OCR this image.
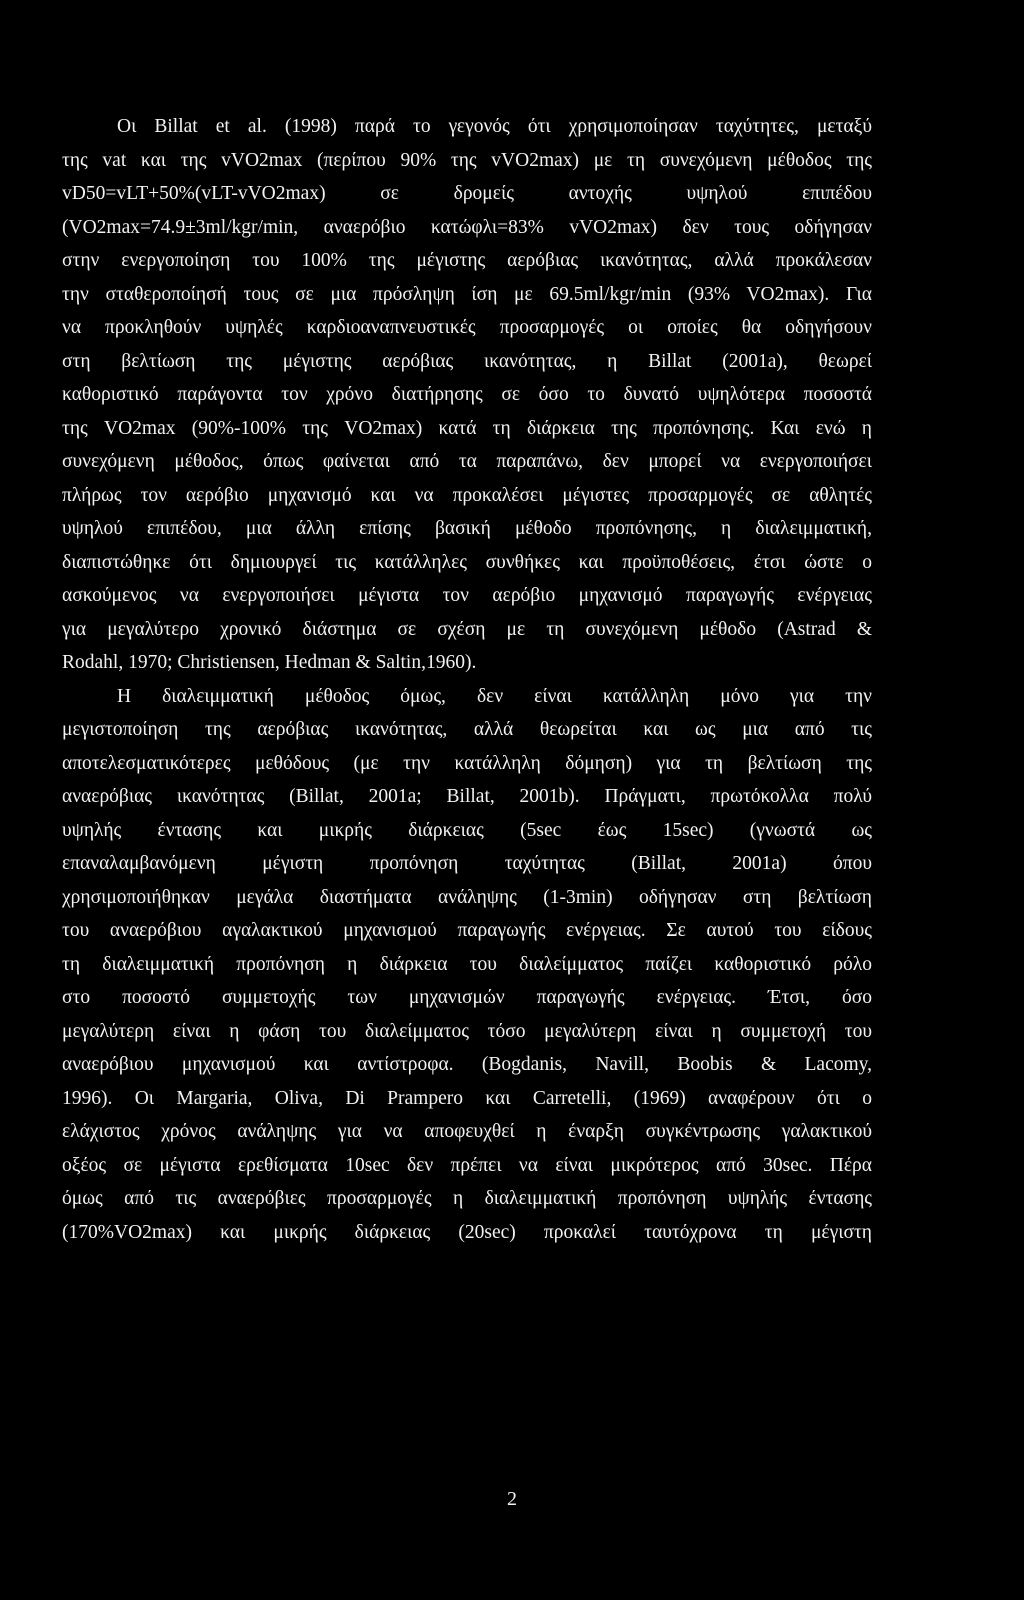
Οι Billat et al. (1998) παρά το γεγονός ότι χρησιμοποίησαν ταχύτητες, μεταξύ
της vat και της vVO2max (περίπου 90% της vVO2max) με τη συνεχόμενη μέθοδος της
vD50=vLT+50%(vLT-vVO2max) σε δρομείς αντοχής υψηλού επιπέδου
(VO2max=74.9±3ml/kgr/min, αναερόβιο κατώφλι=83% vVO2max) δεν τους οδήγησαν
στην ενεργοποίηση του 100% της μέγιστης αερόβιας ικανότητας, αλλά προκάλεσαν
την σταθεροποίησή τους σε μια πρόσληψη ίση με 69.5ml/kgr/min (93% VO2max). Για
να προκληθούν υψηλές καρδιοαναπνευστικές προσαρμογές οι οποίες θα οδηγήσουν
στη βελτίωση της μέγιστης αερόβιας ικανότητας, η Billat (2001a), θεωρεί
καθοριστικό παράγοντα τον χρόνο διατήρησης σε όσο το δυνατό υψηλότερα ποσοστά
της VO2max (90%-100% της VO2max) κατά τη διάρκεια της προπόνησης. Και ενώ η
συνεχόμενη μέθοδος, όπως φαίνεται από τα παραπάνω, δεν μπορεί να ενεργοποιήσει
πλήρως τον αερόβιο μηχανισμό και να προκαλέσει μέγιστες προσαρμογές σε αθλητές
υψηλού επιπέδου, μια άλλη επίσης βασική μέθοδο προπόνησης, η διαλειμματική,
διαπιστώθηκε ότι δημιουργεί τις κατάλληλες συνθήκες και προϋποθέσεις, έτσι ώστε ο
ασκούμενος να ενεργοποιήσει μέγιστα τον αερόβιο μηχανισμό παραγωγής ενέργειας
για μεγαλύτερο χρονικό διάστημα σε σχέση με τη συνεχόμενη μέθοδο (Astrad &
Rodahl, 1970; Christiensen, Hedman & Saltin,1960).
Η διαλειμματική μέθοδος όμως, δεν είναι κατάλληλη μόνο για την
μεγιστοποίηση της αερόβιας ικανότητας, αλλά θεωρείται και ως μια από τις
αποτελεσματικότερες μεθόδους (με την κατάλληλη δόμηση) για τη βελτίωση της
αναερόβιας ικανότητας (Billat, 2001a; Billat, 2001b). Πράγματι, πρωτόκολλα πολύ
υψηλής έντασης και μικρής διάρκειας (5sec έως 15sec) (γνωστά ως
επαναλαμβανόμενη μέγιστη προπόνηση ταχύτητας (Billat, 2001a) όπου
χρησιμοποιήθηκαν μεγάλα διαστήματα ανάληψης (1-3min) οδήγησαν στη βελτίωση
του αναερόβιου αγαλακτικού μηχανισμού παραγωγής ενέργειας. Σε αυτού του είδους
τη διαλειμματική προπόνηση η διάρκεια του διαλείμματος παίζει καθοριστικό ρόλο
στο ποσοστό συμμετοχής των μηχανισμών παραγωγής ενέργειας. Έτσι, όσο
μεγαλύτερη είναι η φάση του διαλείμματος τόσο μεγαλύτερη είναι η συμμετοχή του
αναερόβιου μηχανισμού και αντίστροφα. (Bogdanis, Navill, Boobis & Lacomy,
1996). Οι Margaria, Oliva, Di Prampero και Carretelli, (1969) αναφέρουν ότι ο
ελάχιστος χρόνος ανάληψης για να αποφευχθεί η έναρξη συγκέντρωσης γαλακτικού
οξέος σε μέγιστα ερεθίσματα 10sec δεν πρέπει να είναι μικρότερος από 30sec. Πέρα
όμως από τις αναερόβιες προσαρμογές η διαλειμματική προπόνηση υψηλής έντασης
(170%VO2max) και μικρής διάρκειας (20sec) προκαλεί ταυτόχρονα τη μέγιστη
2
